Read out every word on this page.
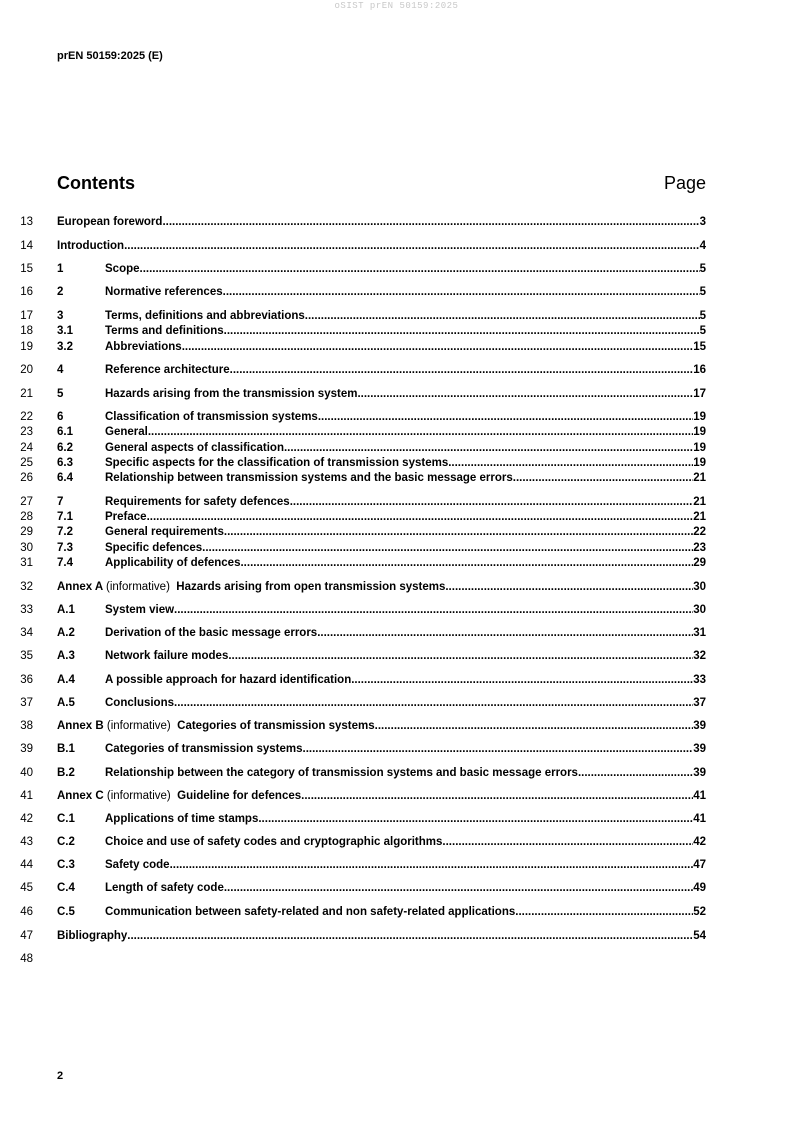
oSIST prEN 50159:2025
prEN 50159:2025 (E)
Contents	Page
13 European foreword .....	3
14 Introduction .....	4
15 1	Scope .....	5
16 2	Normative references .....	5
17 3	Terms, definitions and abbreviations .....	5
18 3.1	Terms and definitions .....	5
19 3.2	Abbreviations .....	15
20 4	Reference architecture .....	16
21 5	Hazards arising from the transmission system .....	17
22 6	Classification of transmission systems .....	19
23 6.1	General .....	19
24 6.2	General aspects of classification .....	19
25 6.3	Specific aspects for the classification of transmission systems .....	19
26 6.4	Relationship between transmission systems and the basic message errors .....	21
27 7	Requirements for safety defences .....	21
28 7.1	Preface .....	21
29 7.2	General requirements .....	22
30 7.3	Specific defences .....	23
31 7.4	Applicability of defences .....	29
32 Annex A (informative) Hazards arising from open transmission systems .....	30
33 A.1	System view .....	30
34 A.2	Derivation of the basic message errors .....	31
35 A.3	Network failure modes .....	32
36 A.4	A possible approach for hazard identification .....	33
37 A.5	Conclusions .....	37
38 Annex B (informative) Categories of transmission systems .....	39
39 B.1	Categories of transmission systems .....	39
40 B.2	Relationship between the category of transmission systems and basic message errors .....	39
41 Annex C (informative) Guideline for defences .....	41
42 C.1	Applications of time stamps .....	41
43 C.2	Choice and use of safety codes and cryptographic algorithms .....	42
44 C.3	Safety code .....	47
45 C.4	Length of safety code .....	49
46 C.5	Communication between safety-related and non safety-related applications .....	52
47 Bibliography .....	54
48
2
